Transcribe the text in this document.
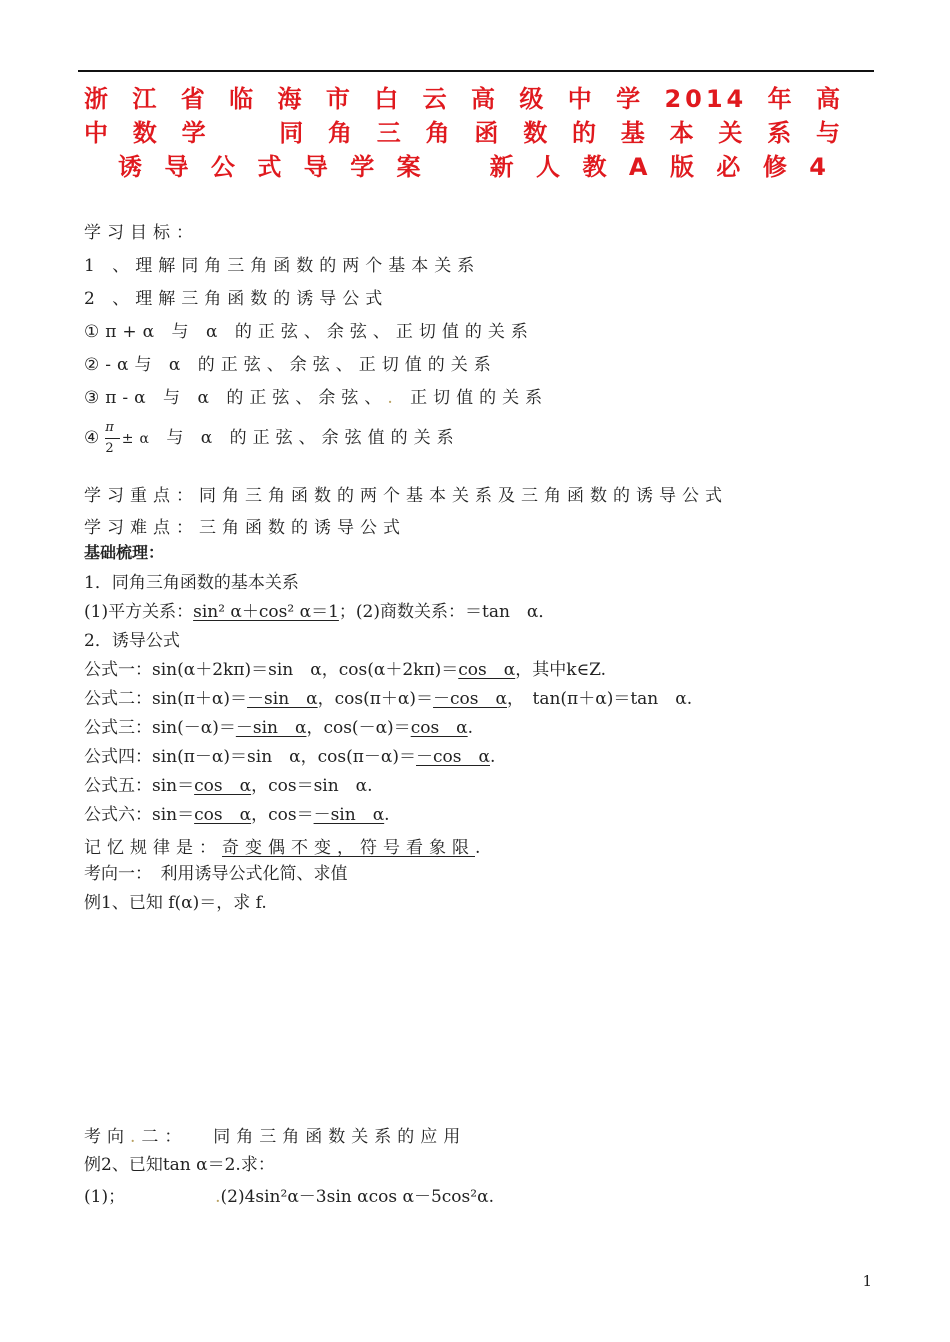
浙江省临海市白云高级中学2014年高
中数学　同角三角函数的基本关系与
诱导公式导学案　新人教A版必修4
学习目标：
1 、理解同角三角函数的两个基本关系
2 、理解三角函数的诱导公式
①π+α 与 α 的正弦、余弦、正切值的关系
②-α与 α 的正弦、余弦、正切值的关系
③π-α 与 α 的正弦、余弦、. 正切值的关系
④ $\frac{\pi}{2} \pm\alpha$ 与 α 的正弦、余弦值的关系
学习重点：同角三角函数的两个基本关系及三角函数的诱导公式
学习难点：三角函数的诱导公式
基础梳理：
1．同角三角函数的基本关系
(1)平方关系：sin² α＋cos² α＝1；(2)商数关系：＝tan　α．
2．诱导公式
公式一：sin(α＋2kπ)＝sin　α，cos(α＋2kπ)＝cos　α，其中k∈Z.
公式二：sin(π＋α)＝－sin　α，cos(π＋α)＝－cos　α，　tan(π＋α)＝tan　α.
公式三：sin(－α)＝－sin　α，cos(－α)＝cos　α.
公式四：sin(π－α)＝sin　α，cos(π－α)＝－cos　α.
公式五：sin＝cos　α，cos＝sin　α.
公式六：sin＝cos　α，cos＝－sin　α.
记忆规律是：奇变偶不变，符号看象限.
考向一：　利用诱导公式化简、求值
例1、已知 f(α)＝，求 f.
考向.二：　 同角三角函数关系的应用
例2、已知tan α＝2.求：
(1)；	.(2)4sin²α－3sin αcos α－5cos²α.
1
